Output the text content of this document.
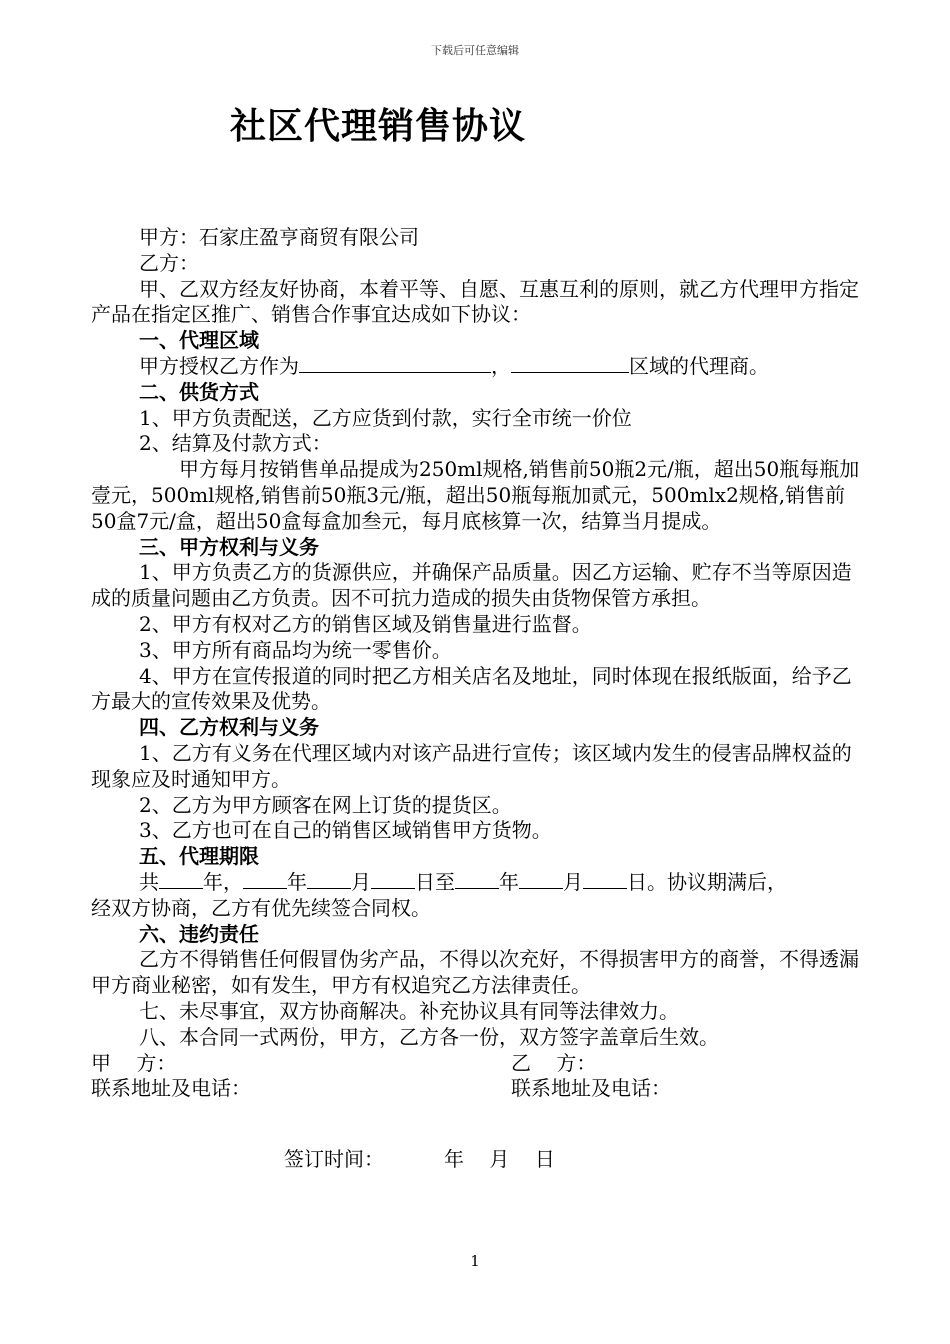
下载后可任意编辑
社区代理销售协议

甲方：石家庄盈亨商贸有限公司

乙方：

甲、乙双方经友好协商，本着平等、自愿、互惠互利的原则，就乙方代理甲方指定产品在指定区推广、销售合作事宜达成如下协议：

一、代理区域

甲方授权乙方作为	，	区域的代理商。

二、供货方式

1、甲方负责配送，乙方应货到付款，实行全市统一价位

2、结算及付款方式：

甲方每月按销售单品提成为250ml规格,销售前50瓶2元/瓶，超出50瓶每瓶加壹元，500ml规格,销售前50瓶3元/瓶，超出50瓶每瓶加贰元，500mlx2规格,销售前50盒7元/盒，超出50盒每盒加叁元，每月底核算一次，结算当月提成。

三、甲方权利与义务

1、甲方负责乙方的货源供应，并确保产品质量。因乙方运输、贮存不当等原因造成的质量问题由乙方负责。因不可抗力造成的损失由货物保管方承担。

2、甲方有权对乙方的销售区域及销售量进行监督。

3、甲方所有商品均为统一零售价。

4、甲方在宣传报道的同时把乙方相关店名及地址，同时体现在报纸版面，给予乙方最大的宣传效果及优势。

四、乙方权利与义务

1、乙方有义务在代理区域内对该产品进行宣传；该区域内发生的侵害品牌权益的现象应及时通知甲方。

2、乙方为甲方顾客在网上订货的提货区。

3、乙方也可在自己的销售区域销售甲方货物。

五、代理期限

共 年， 年 月 日至 年 月 日。协议期满后，

经双方协商，乙方有优先续签合同权。

六、违约责任

乙方不得销售任何假冒伪劣产品，不得以次充好，不得损害甲方的商誉，不得透漏甲方商业秘密，如有发生，甲方有权追究乙方法律责任。

七、未尽事宜，双方协商解决。补充协议具有同等法律效力。

八、本合同一式两份，甲方，乙方各一份，双方签字盖章后生效。

甲    方：	乙    方：
联系地址及电话：	联系地址及电话：
签订时间：	年    月    日
1
